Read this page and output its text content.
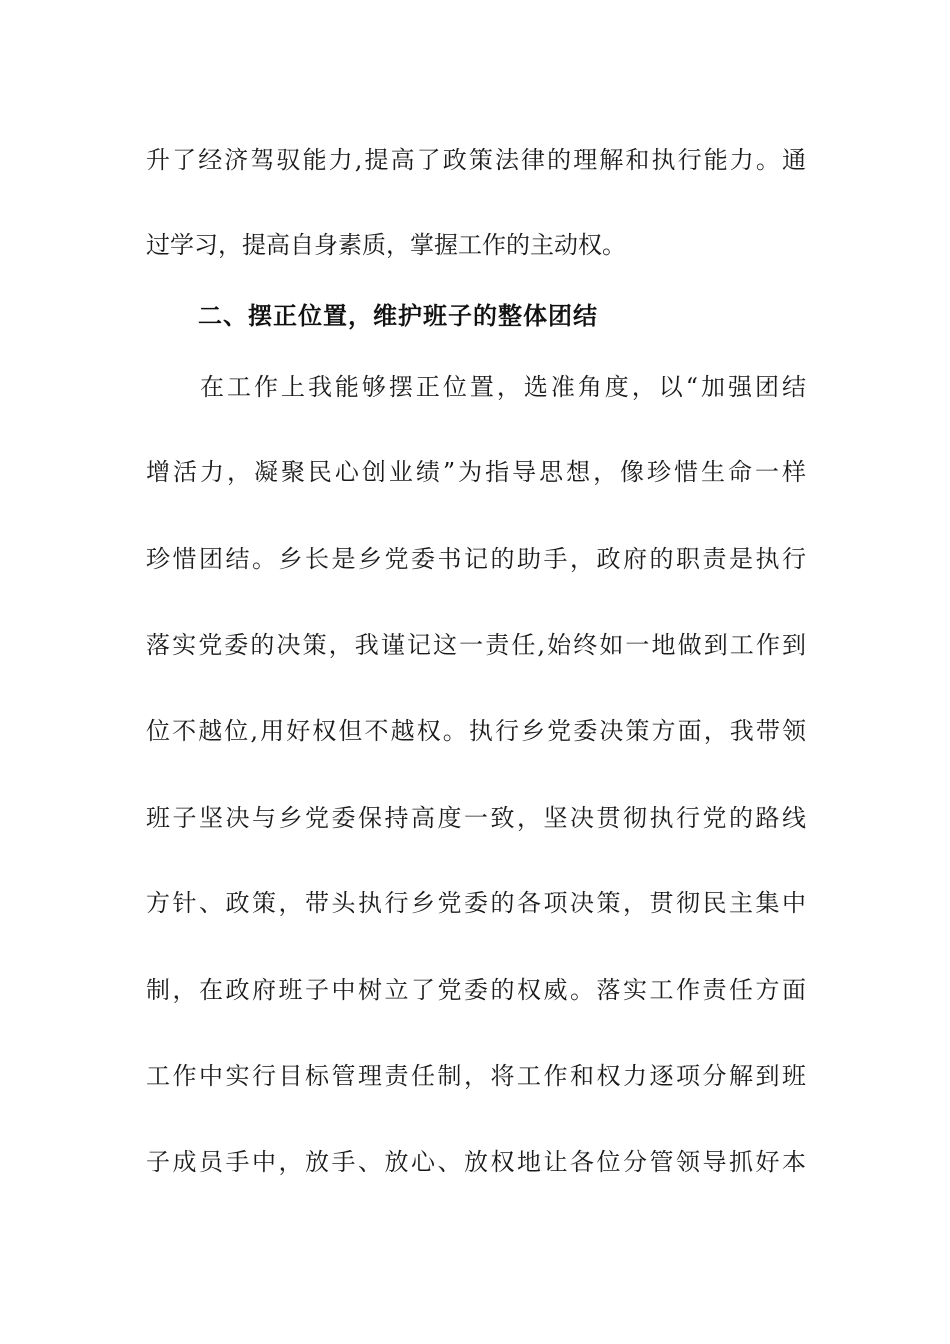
升了经济驾驭能力,提高了政策法律的理解和执行能力。通
过学习，提高自身素质，掌握工作的主动权。
二、摆正位置，维护班子的整体团结
在工作上我能够摆正位置，选准角度，以“加强团结
增活力，凝聚民心创业绩”为指导思想，像珍惜生命一样
珍惜团结。乡长是乡党委书记的助手，政府的职责是执行
落实党委的决策，我谨记这一责任,始终如一地做到工作到
位不越位,用好权但不越权。执行乡党委决策方面，我带领
班子坚决与乡党委保持高度一致，坚决贯彻执行党的路线
方针、政策，带头执行乡党委的各项决策，贯彻民主集中
制，在政府班子中树立了党委的权威。落实工作责任方面
工作中实行目标管理责任制，将工作和权力逐项分解到班
子成员手中，放手、放心、放权地让各位分管领导抓好本
